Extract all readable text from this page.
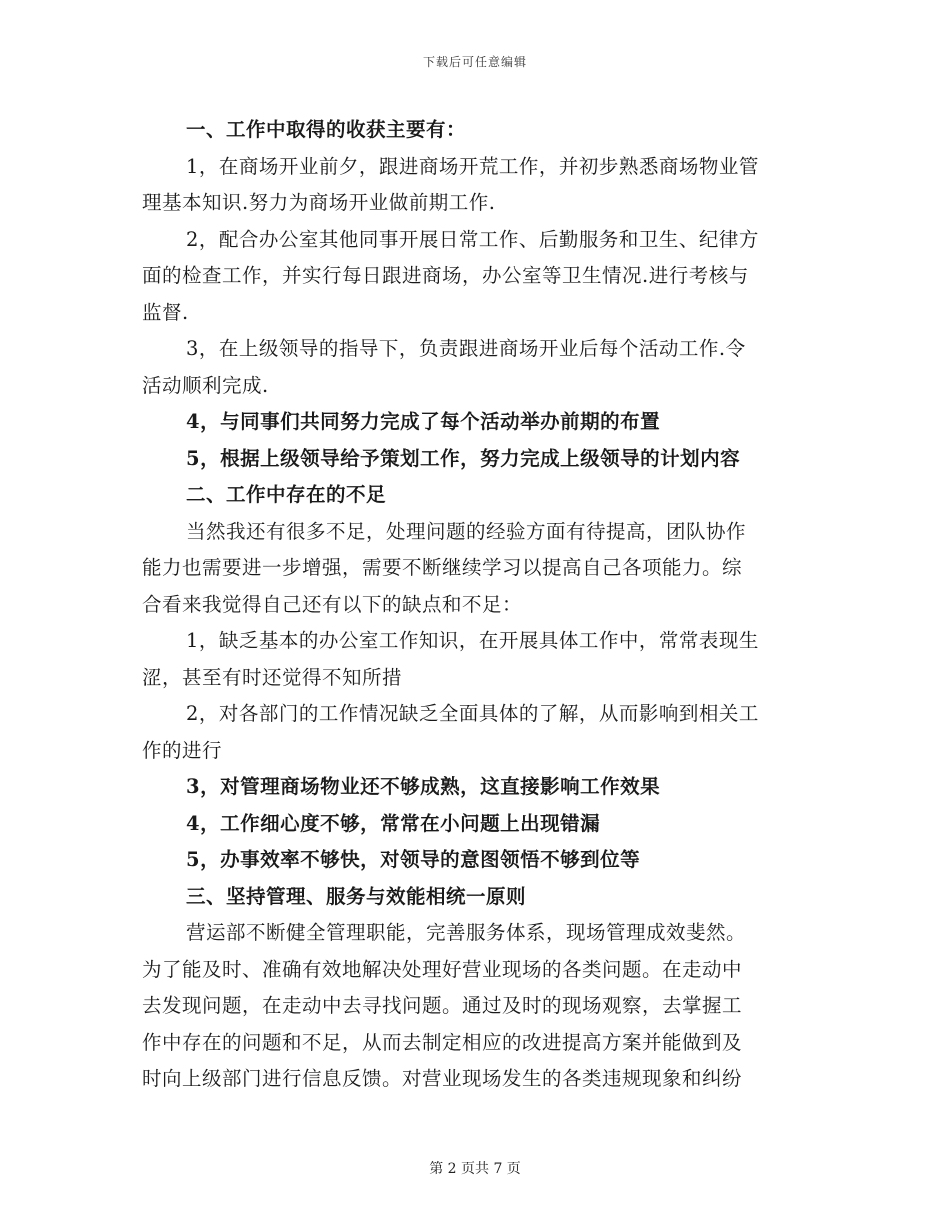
下载后可任意编辑
一、工作中取得的收获主要有：
1，在商场开业前夕，跟进商场开荒工作，并初步熟悉商场物业管
理基本知识.努力为商场开业做前期工作.
2，配合办公室其他同事开展日常工作、后勤服务和卫生、纪律方
面的检查工作，并实行每日跟进商场，办公室等卫生情况.进行考核与
监督.
3，在上级领导的指导下，负责跟进商场开业后每个活动工作.令
活动顺利完成.
4，与同事们共同努力完成了每个活动举办前期的布置
5，根据上级领导给予策划工作，努力完成上级领导的计划内容
二、工作中存在的不足
当然我还有很多不足，处理问题的经验方面有待提高，团队协作
能力也需要进一步增强，需要不断继续学习以提高自己各项能力。综
合看来我觉得自己还有以下的缺点和不足：
1，缺乏基本的办公室工作知识，在开展具体工作中，常常表现生
涩，甚至有时还觉得不知所措
2，对各部门的工作情况缺乏全面具体的了解，从而影响到相关工
作的进行
3，对管理商场物业还不够成熟，这直接影响工作效果
4，工作细心度不够，常常在小问题上出现错漏
5，办事效率不够快，对领导的意图领悟不够到位等
三、坚持管理、服务与效能相统一原则
营运部不断健全管理职能，完善服务体系，现场管理成效斐然。
为了能及时、准确有效地解决处理好营业现场的各类问题。在走动中
去发现问题，在走动中去寻找问题。通过及时的现场观察，去掌握工
作中存在的问题和不足，从而去制定相应的改进提高方案并能做到及
时向上级部门进行信息反馈。对营业现场发生的各类违规现象和纠纷
第 2 页共 7 页
